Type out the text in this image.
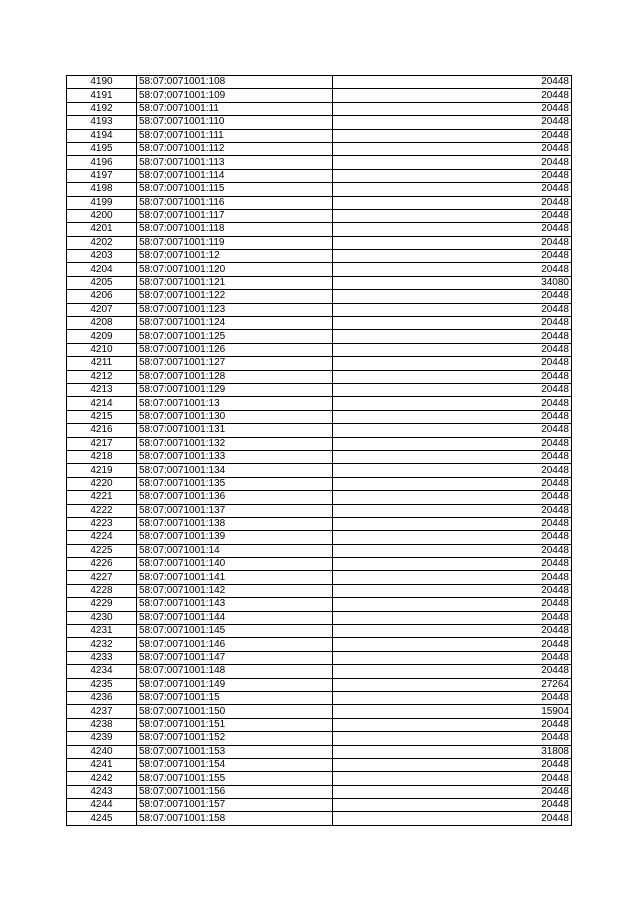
4190	58:07:0071001:108	20448
4191	58:07:0071001:109	20448
4192	58:07:0071001:11	20448
4193	58:07:0071001:110	20448
4194	58:07:0071001:111	20448
4195	58:07:0071001:112	20448
4196	58:07:0071001:113	20448
4197	58:07:0071001:114	20448
4198	58:07:0071001:115	20448
4199	58:07:0071001:116	20448
4200	58:07:0071001:117	20448
4201	58:07:0071001:118	20448
4202	58:07:0071001:119	20448
4203	58:07:0071001:12	20448
4204	58:07:0071001:120	20448
4205	58:07:0071001:121	34080
4206	58:07:0071001:122	20448
4207	58:07:0071001:123	20448
4208	58:07:0071001:124	20448
4209	58:07:0071001:125	20448
4210	58:07:0071001:126	20448
4211	58:07:0071001:127	20448
4212	58:07:0071001:128	20448
4213	58:07:0071001:129	20448
4214	58:07:0071001:13	20448
4215	58:07:0071001:130	20448
4216	58:07:0071001:131	20448
4217	58:07:0071001:132	20448
4218	58:07:0071001:133	20448
4219	58:07:0071001:134	20448
4220	58:07:0071001:135	20448
4221	58:07:0071001:136	20448
4222	58:07:0071001:137	20448
4223	58:07:0071001:138	20448
4224	58:07:0071001:139	20448
4225	58:07:0071001:14	20448
4226	58:07:0071001:140	20448
4227	58:07:0071001:141	20448
4228	58:07:0071001:142	20448
4229	58:07:0071001:143	20448
4230	58:07:0071001:144	20448
4231	58:07:0071001:145	20448
4232	58:07:0071001:146	20448
4233	58:07:0071001:147	20448
4234	58:07:0071001:148	20448
4235	58:07:0071001:149	27264
4236	58:07:0071001:15	20448
4237	58:07:0071001:150	15904
4238	58:07:0071001:151	20448
4239	58:07:0071001:152	20448
4240	58:07:0071001:153	31808
4241	58:07:0071001:154	20448
4242	58:07:0071001:155	20448
4243	58:07:0071001:156	20448
4244	58:07:0071001:157	20448
4245	58:07:0071001:158	20448
